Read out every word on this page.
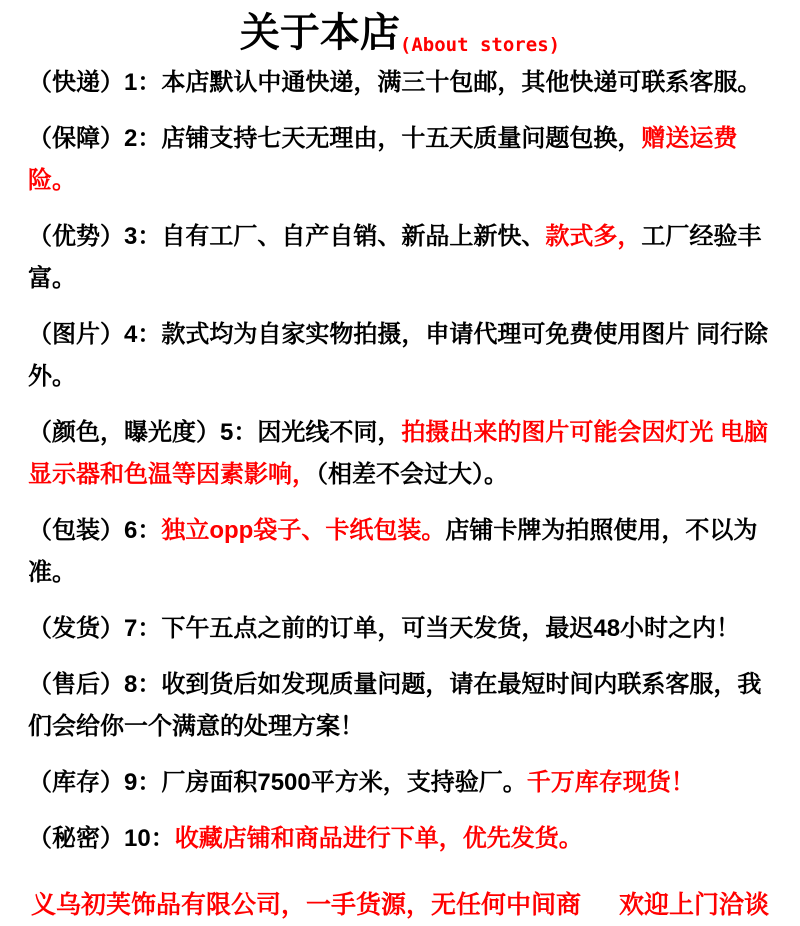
关于本店 (About stores)

（快递）1：本店默认中通快递，满三十包邮，其他快递可联系客服。

（保障）2：店铺支持七天无理由，十五天质量问题包换，赠送运费险。

（优势）3：自有工厂、自产自销、新品上新快、款式多，工厂经验丰富。

（图片）4：款式均为自家实物拍摄，申请代理可免费使用图片 同行除外。

（颜色，曝光度）5：因光线不同，拍摄出来的图片可能会因灯光 电脑显示器和色温等因素影响，（相差不会过大）。

（包装）6：独立opp袋子、卡纸包装。店铺卡牌为拍照使用，不以为准。

（发货）7：下午五点之前的订单，可当天发货，最迟48小时之内！

（售后）8：收到货后如发现质量问题，请在最短时间内联系客服，我们会给你一个满意的处理方案！

（库存）9：厂房面积7500平方米，支持验厂。千万库存现货！

（秘密）10：收藏店铺和商品进行下单，优先发货。

义乌初芙饰品有限公司，一手货源，无任何中间商 欢迎上门洽谈
